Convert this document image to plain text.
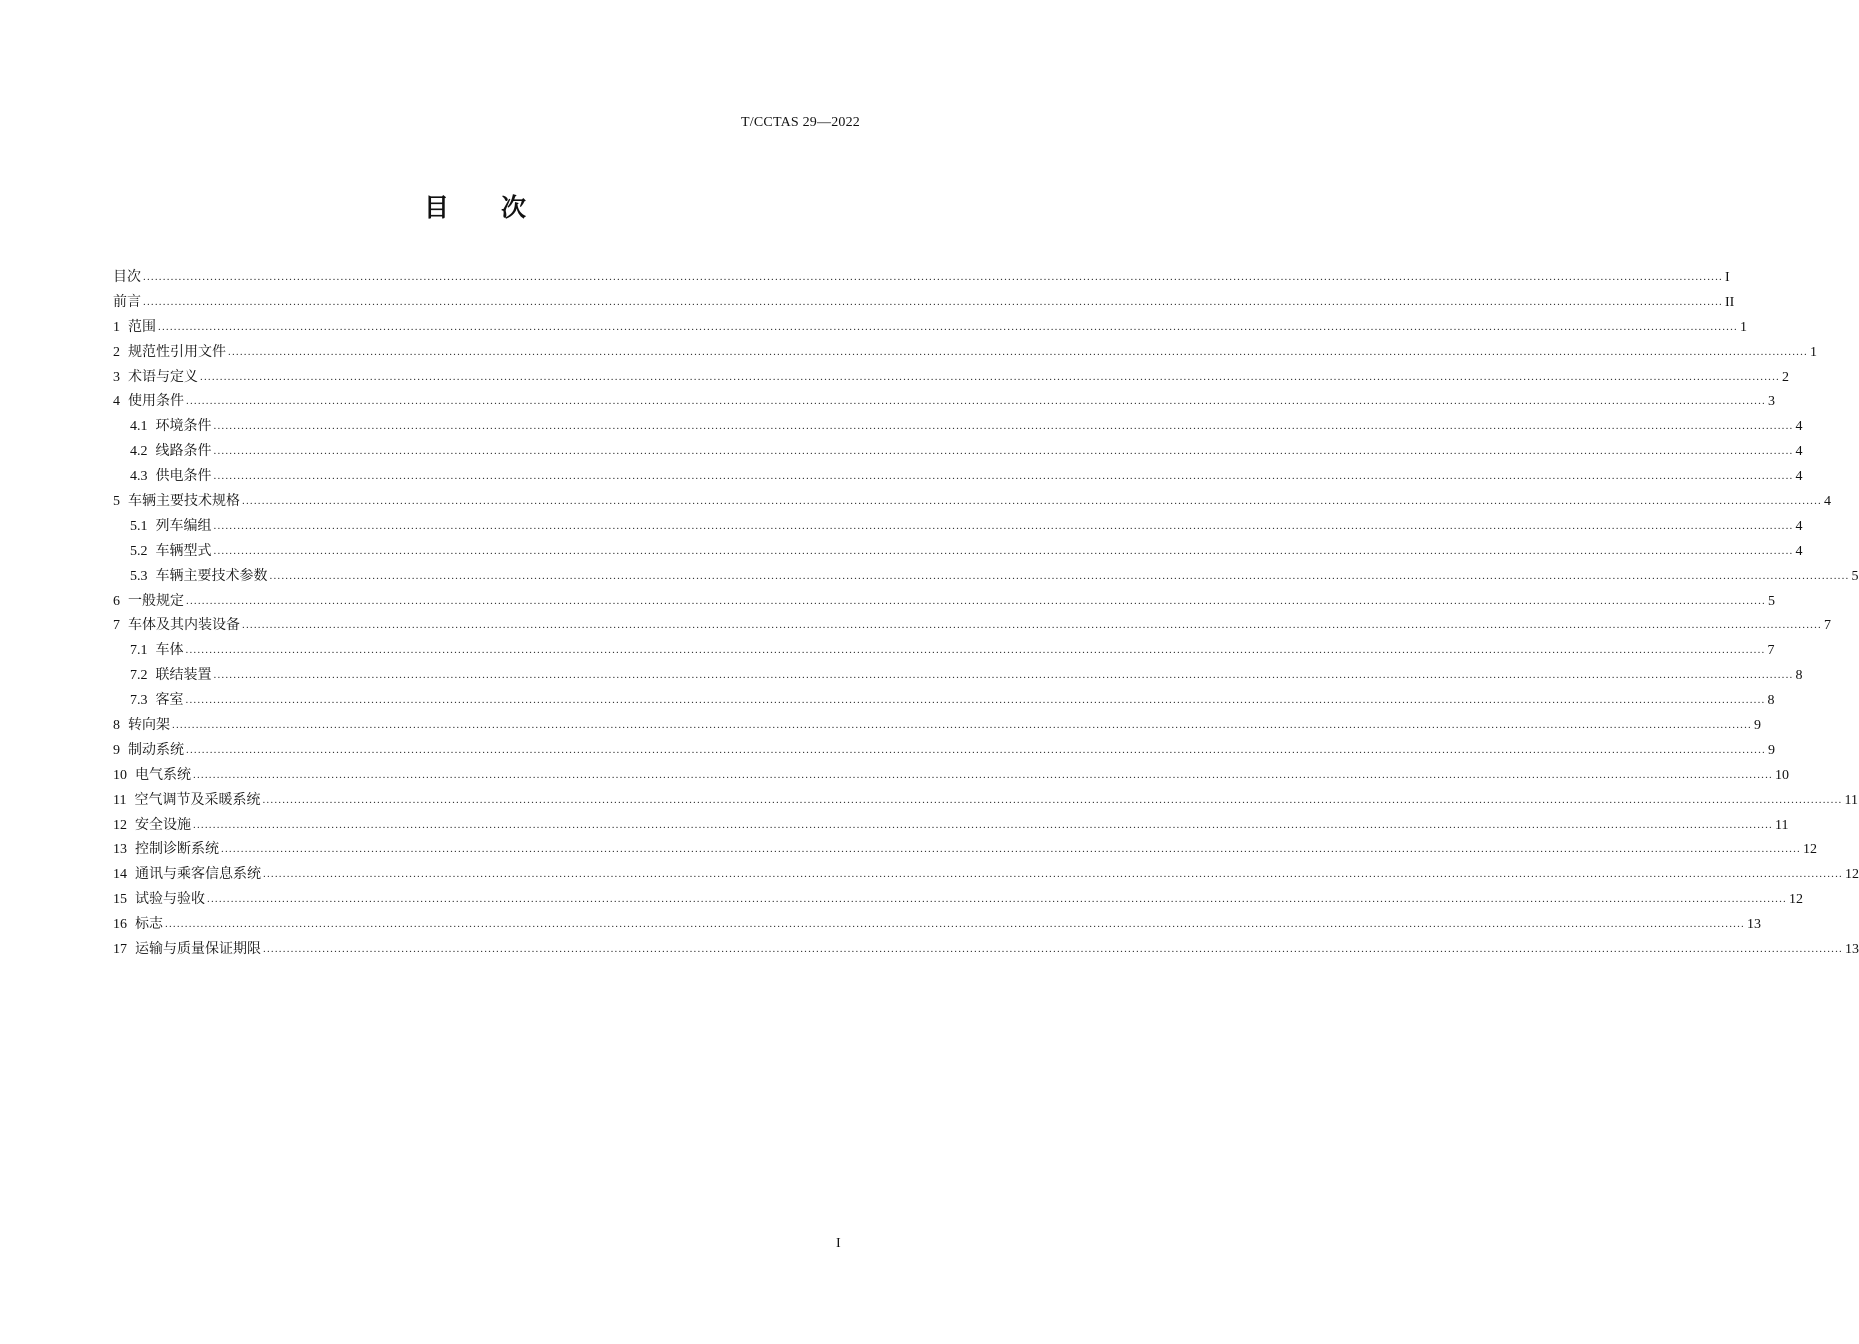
T/CCTAS 29—2022
目 次
目次 ................................................................................................................................................................................................................................................................................................................................................................................................................ I
前言 ................................................................................................................................................................................................................................................................................................................................................................................................................ II
1 范围 ................................................................................................................................................................................................................................................................................................................................................................................................................ 1
2 规范性引用文件 ................................................................................................................................................................................................................................................................................................................................................................................................................ 1
3 术语与定义 ................................................................................................................................................................................................................................................................................................................................................................................................................ 2
4 使用条件 ................................................................................................................................................................................................................................................................................................................................................................................................................ 3
4.1 环境条件 ................................................................................................................................................................................................................................................................................................................................................................................................................ 4
4.2 线路条件 ................................................................................................................................................................................................................................................................................................................................................................................................................ 4
4.3 供电条件 ................................................................................................................................................................................................................................................................................................................................................................................................................ 4
5 车辆主要技术规格 ................................................................................................................................................................................................................................................................................................................................................................................................................ 4
5.1 列车编组 ................................................................................................................................................................................................................................................................................................................................................................................................................ 4
5.2 车辆型式 ................................................................................................................................................................................................................................................................................................................................................................................................................ 4
5.3 车辆主要技术参数 ................................................................................................................................................................................................................................................................................................................................................................................................................ 5
6 一般规定 ................................................................................................................................................................................................................................................................................................................................................................................................................ 5
7 车体及其内装设备 ................................................................................................................................................................................................................................................................................................................................................................................................................ 7
7.1 车体 ................................................................................................................................................................................................................................................................................................................................................................................................................ 7
7.2 联结装置 ................................................................................................................................................................................................................................................................................................................................................................................................................ 8
7.3 客室 ................................................................................................................................................................................................................................................................................................................................................................................................................ 8
8 转向架 ................................................................................................................................................................................................................................................................................................................................................................................................................ 9
9 制动系统 ................................................................................................................................................................................................................................................................................................................................................................................................................ 9
10 电气系统 ................................................................................................................................................................................................................................................................................................................................................................................................................ 10
11 空气调节及采暖系统 ................................................................................................................................................................................................................................................................................................................................................................................................................ 11
12 安全设施 ................................................................................................................................................................................................................................................................................................................................................................................................................ 11
13 控制诊断系统 ................................................................................................................................................................................................................................................................................................................................................................................................................ 12
14 通讯与乘客信息系统 ................................................................................................................................................................................................................................................................................................................................................................................................................ 12
15 试验与验收 ................................................................................................................................................................................................................................................................................................................................................................................................................ 12
16 标志 ................................................................................................................................................................................................................................................................................................................................................................................................................ 13
17 运输与质量保证期限 ................................................................................................................................................................................................................................................................................................................................................................................................................ 13
I
